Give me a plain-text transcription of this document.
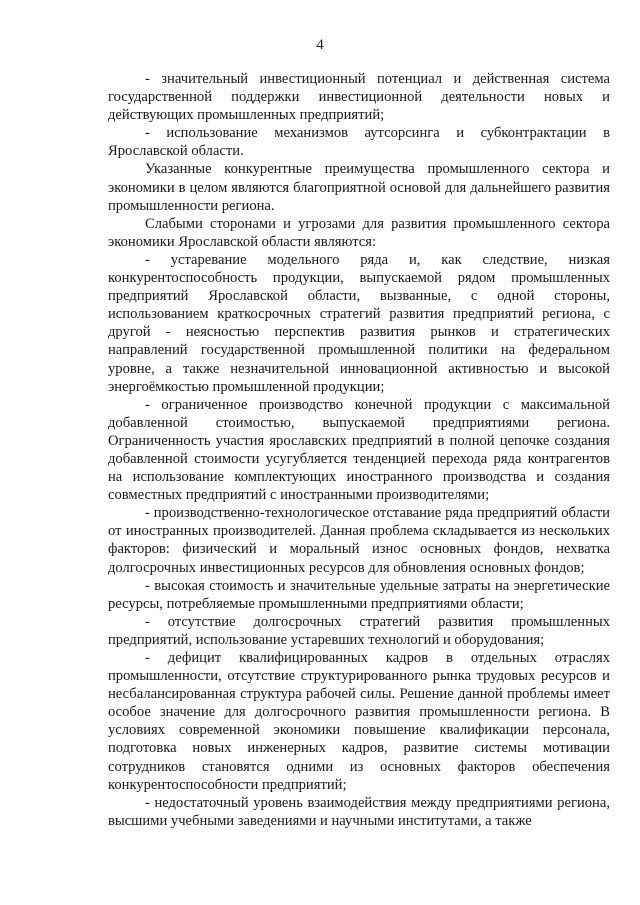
4

- значительный инвестиционный потенциал и действенная система государственной поддержки инвестиционной деятельности новых и действующих промышленных предприятий;

- использование механизмов аутсорсинга и субконтрактации в Ярославской области.

Указанные конкурентные преимущества промышленного сектора и экономики в целом являются благоприятной основой для дальнейшего развития промышленности региона.

Слабыми сторонами и угрозами для развития промышленного сектора экономики Ярославской области являются:

- устаревание модельного ряда и, как следствие, низкая конкурентоспособность продукции, выпускаемой рядом промышленных предприятий Ярославской области, вызванные, с одной стороны, использованием краткосрочных стратегий развития предприятий региона, с другой - неясностью перспектив развития рынков и стратегических направлений государственной промышленной политики на федеральном уровне, а также незначительной инновационной активностью и высокой энергоёмкостью промышленной продукции;

- ограниченное производство конечной продукции с максимальной добавленной стоимостью, выпускаемой предприятиями региона. Ограниченность участия ярославских предприятий в полной цепочке создания добавленной стоимости усугубляется тенденцией перехода ряда контрагентов на использование комплектующих иностранного производства и создания совместных предприятий с иностранными производителями;

- производственно-технологическое отставание ряда предприятий области от иностранных производителей. Данная проблема складывается из нескольких факторов: физический и моральный износ основных фондов, нехватка долгосрочных инвестиционных ресурсов для обновления основных фондов;

- высокая стоимость и значительные удельные затраты на энергетические ресурсы, потребляемые промышленными предприятиями области;

- отсутствие долгосрочных стратегий развития промышленных предприятий, использование устаревших технологий и оборудования;

- дефицит квалифицированных кадров в отдельных отраслях промышленности, отсутствие структурированного рынка трудовых ресурсов и несбалансированная структура рабочей силы. Решение данной проблемы имеет особое значение для долгосрочного развития промышленности региона. В условиях современной экономики повышение квалификации персонала, подготовка новых инженерных кадров, развитие системы мотивации сотрудников становятся одними из основных факторов обеспечения конкурентоспособности предприятий;

- недостаточный уровень взаимодействия между предприятиями региона, высшими учебными заведениями и научными институтами, а также
